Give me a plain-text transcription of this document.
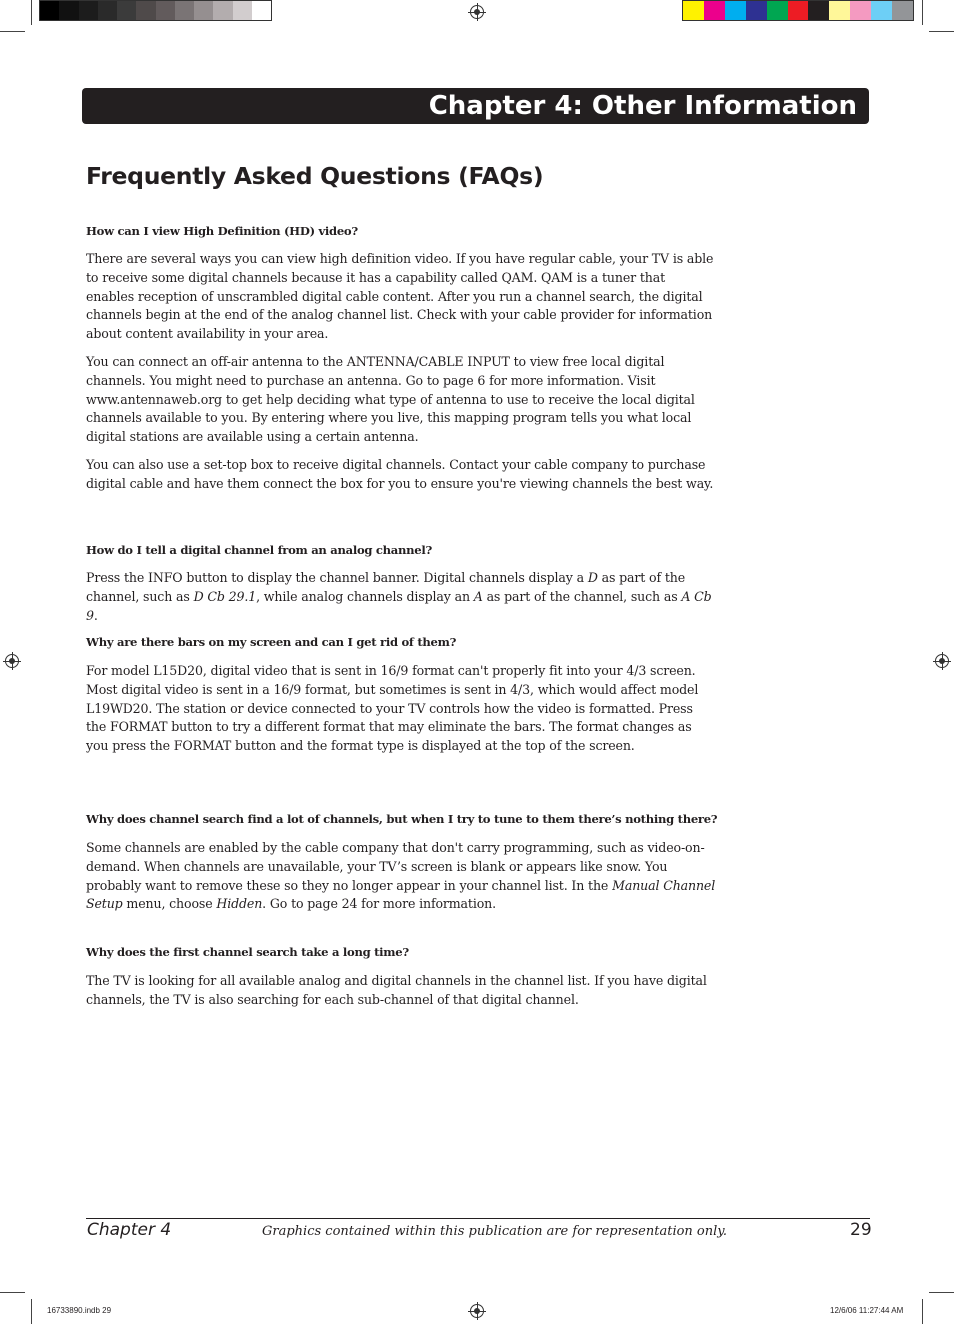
Chapter 4: Other Information
Frequently Asked Questions (FAQs)
How can I view High Definition (HD) video?

There are several ways you can view high definition video. If you have regular cable, your TV is able to receive some digital channels because it has a capability called QAM. QAM is a tuner that enables reception of unscrambled digital cable content. After you run a channel search, the digital channels begin at the end of the analog channel list. Check with your cable provider for information about content availability in your area.

You can connect an off-air antenna to the ANTENNA/CABLE INPUT to view free local digital channels. You might need to purchase an antenna. Go to page 6 for more information. Visit www.antennaweb.org to get help deciding what type of antenna to use to receive the local digital channels available to you. By entering where you live, this mapping program tells you what local digital stations are available using a certain antenna.

You can also use a set-top box to receive digital channels. Contact your cable company to purchase digital cable and have them connect the box for you to ensure you're viewing channels the best way.

How do I tell a digital channel from an analog channel?

Press the INFO button to display the channel banner. Digital channels display a D as part of the channel, such as D Cb 29.1, while analog channels display an A as part of the channel, such as A Cb 9.

Why are there bars on my screen and can I get rid of them?

For model L15D20, digital video that is sent in 16/9 format can't properly fit into your 4/3 screen. Most digital video is sent in a 16/9 format, but sometimes is sent in 4/3, which would affect model L19WD20. The station or device connected to your TV controls how the video is formatted. Press the FORMAT button to try a different format that may eliminate the bars. The format changes as you press the FORMAT button and the format type is displayed at the top of the screen.

Why does channel search find a lot of channels, but when I try to tune to them there’s nothing there?

Some channels are enabled by the cable company that don't carry programming, such as video-on-demand. When channels are unavailable, your TV’s screen is blank or appears like snow. You probably want to remove these so they no longer appear in your channel list. In the Manual Channel Setup menu, choose Hidden. Go to page 24 for more information.

Why does the first channel search take a long time?

The TV is looking for all available analog and digital channels in the channel list. If you have digital channels, the TV is also searching for each sub-channel of that digital channel.

Chapter 4	Graphics contained within this publication are for representation only.	29
16733890.indb 29	12/6/06 11:27:44 AM
